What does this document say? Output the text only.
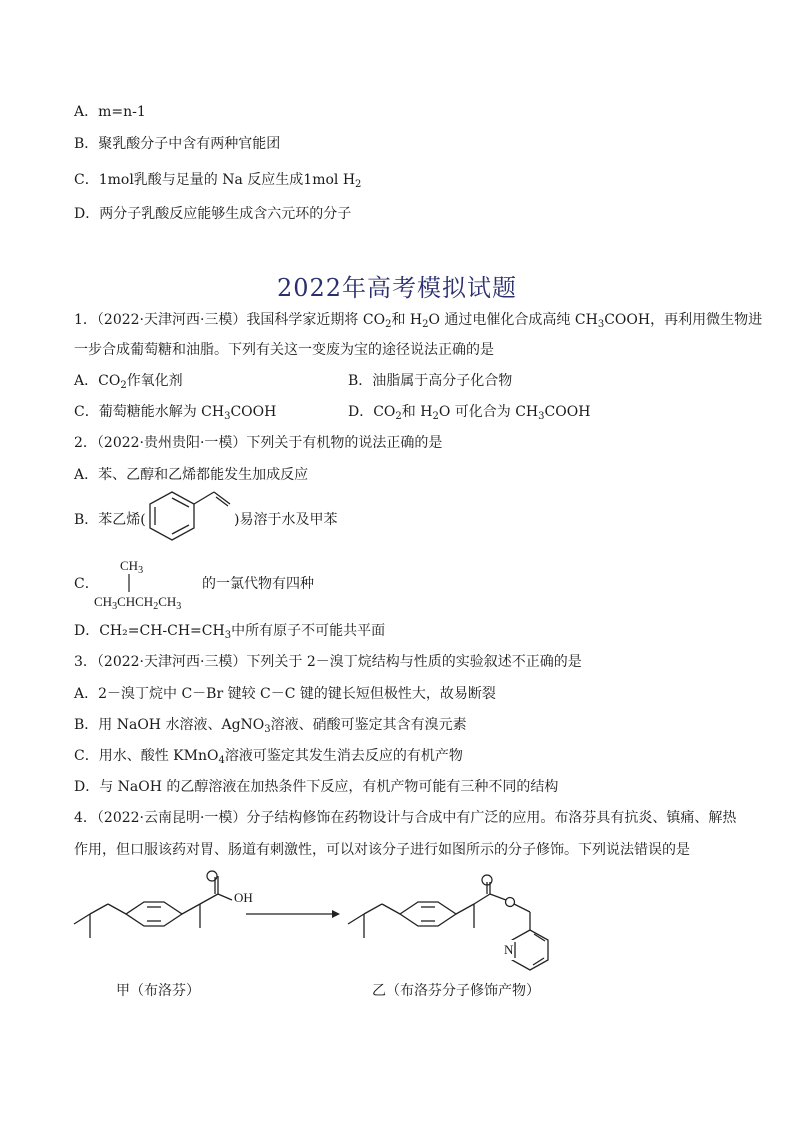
A．m=n-1
B．聚乳酸分子中含有两种官能团
C．1mol乳酸与足量的 Na 反应生成1mol $H_2$
D．两分子乳酸反应能够生成含六元环的分子
2022年高考模拟试题
1．（2022·天津河西·三模）我国科学家近期将 $CO_2$和 $H_2O$ 通过电催化合成高纯 $CH_3COOH$，再利用微生物进
一步合成葡萄糖和油脂。下列有关这一变废为宝的途径说法正确的是
A．$CO_2$作氧化剂	B．油脂属于高分子化合物
C．葡萄糖能水解为 $CH_3COOH$	D．$CO_2$和 $H_2O$ 可化合为 $CH_3COOH$
2．（2022·贵州贵阳·一模）下列关于有机物的说法正确的是
A．苯、乙醇和乙烯都能发生加成反应
B．苯乙烯(	)易溶于水及甲苯
C．
$CH_3$
$CH_3CHCH_2CH_3$
的一氯代物有四种
D．$CH_2=CH-CH=CH_3$中所有原子不可能共平面
3．（2022·天津河西·三模）下列关于 2－溴丁烷结构与性质的实验叙述不正确的是
A．2－溴丁烷中 C－Br 键较 C－C 键的键长短但极性大，故易断裂
B．用 NaOH 水溶液、AgNO$_3$溶液、硝酸可鉴定其含有溴元素
C．用水、酸性 KMnO$_4$溶液可鉴定其发生消去反应的有机产物
D．与 NaOH 的乙醇溶液在加热条件下反应，有机产物可能有三种不同的结构
4．（2022·云南昆明·一模）分子结构修饰在药物设计与合成中有广泛的应用。布洛芬具有抗炎、镇痛、解热
作用，但口服该药对胃、肠道有刺激性，可以对该分子进行如图所示的分子修饰。下列说法错误的是
OH
N
甲（布洛芬）	乙（布洛芬分子修饰产物）
